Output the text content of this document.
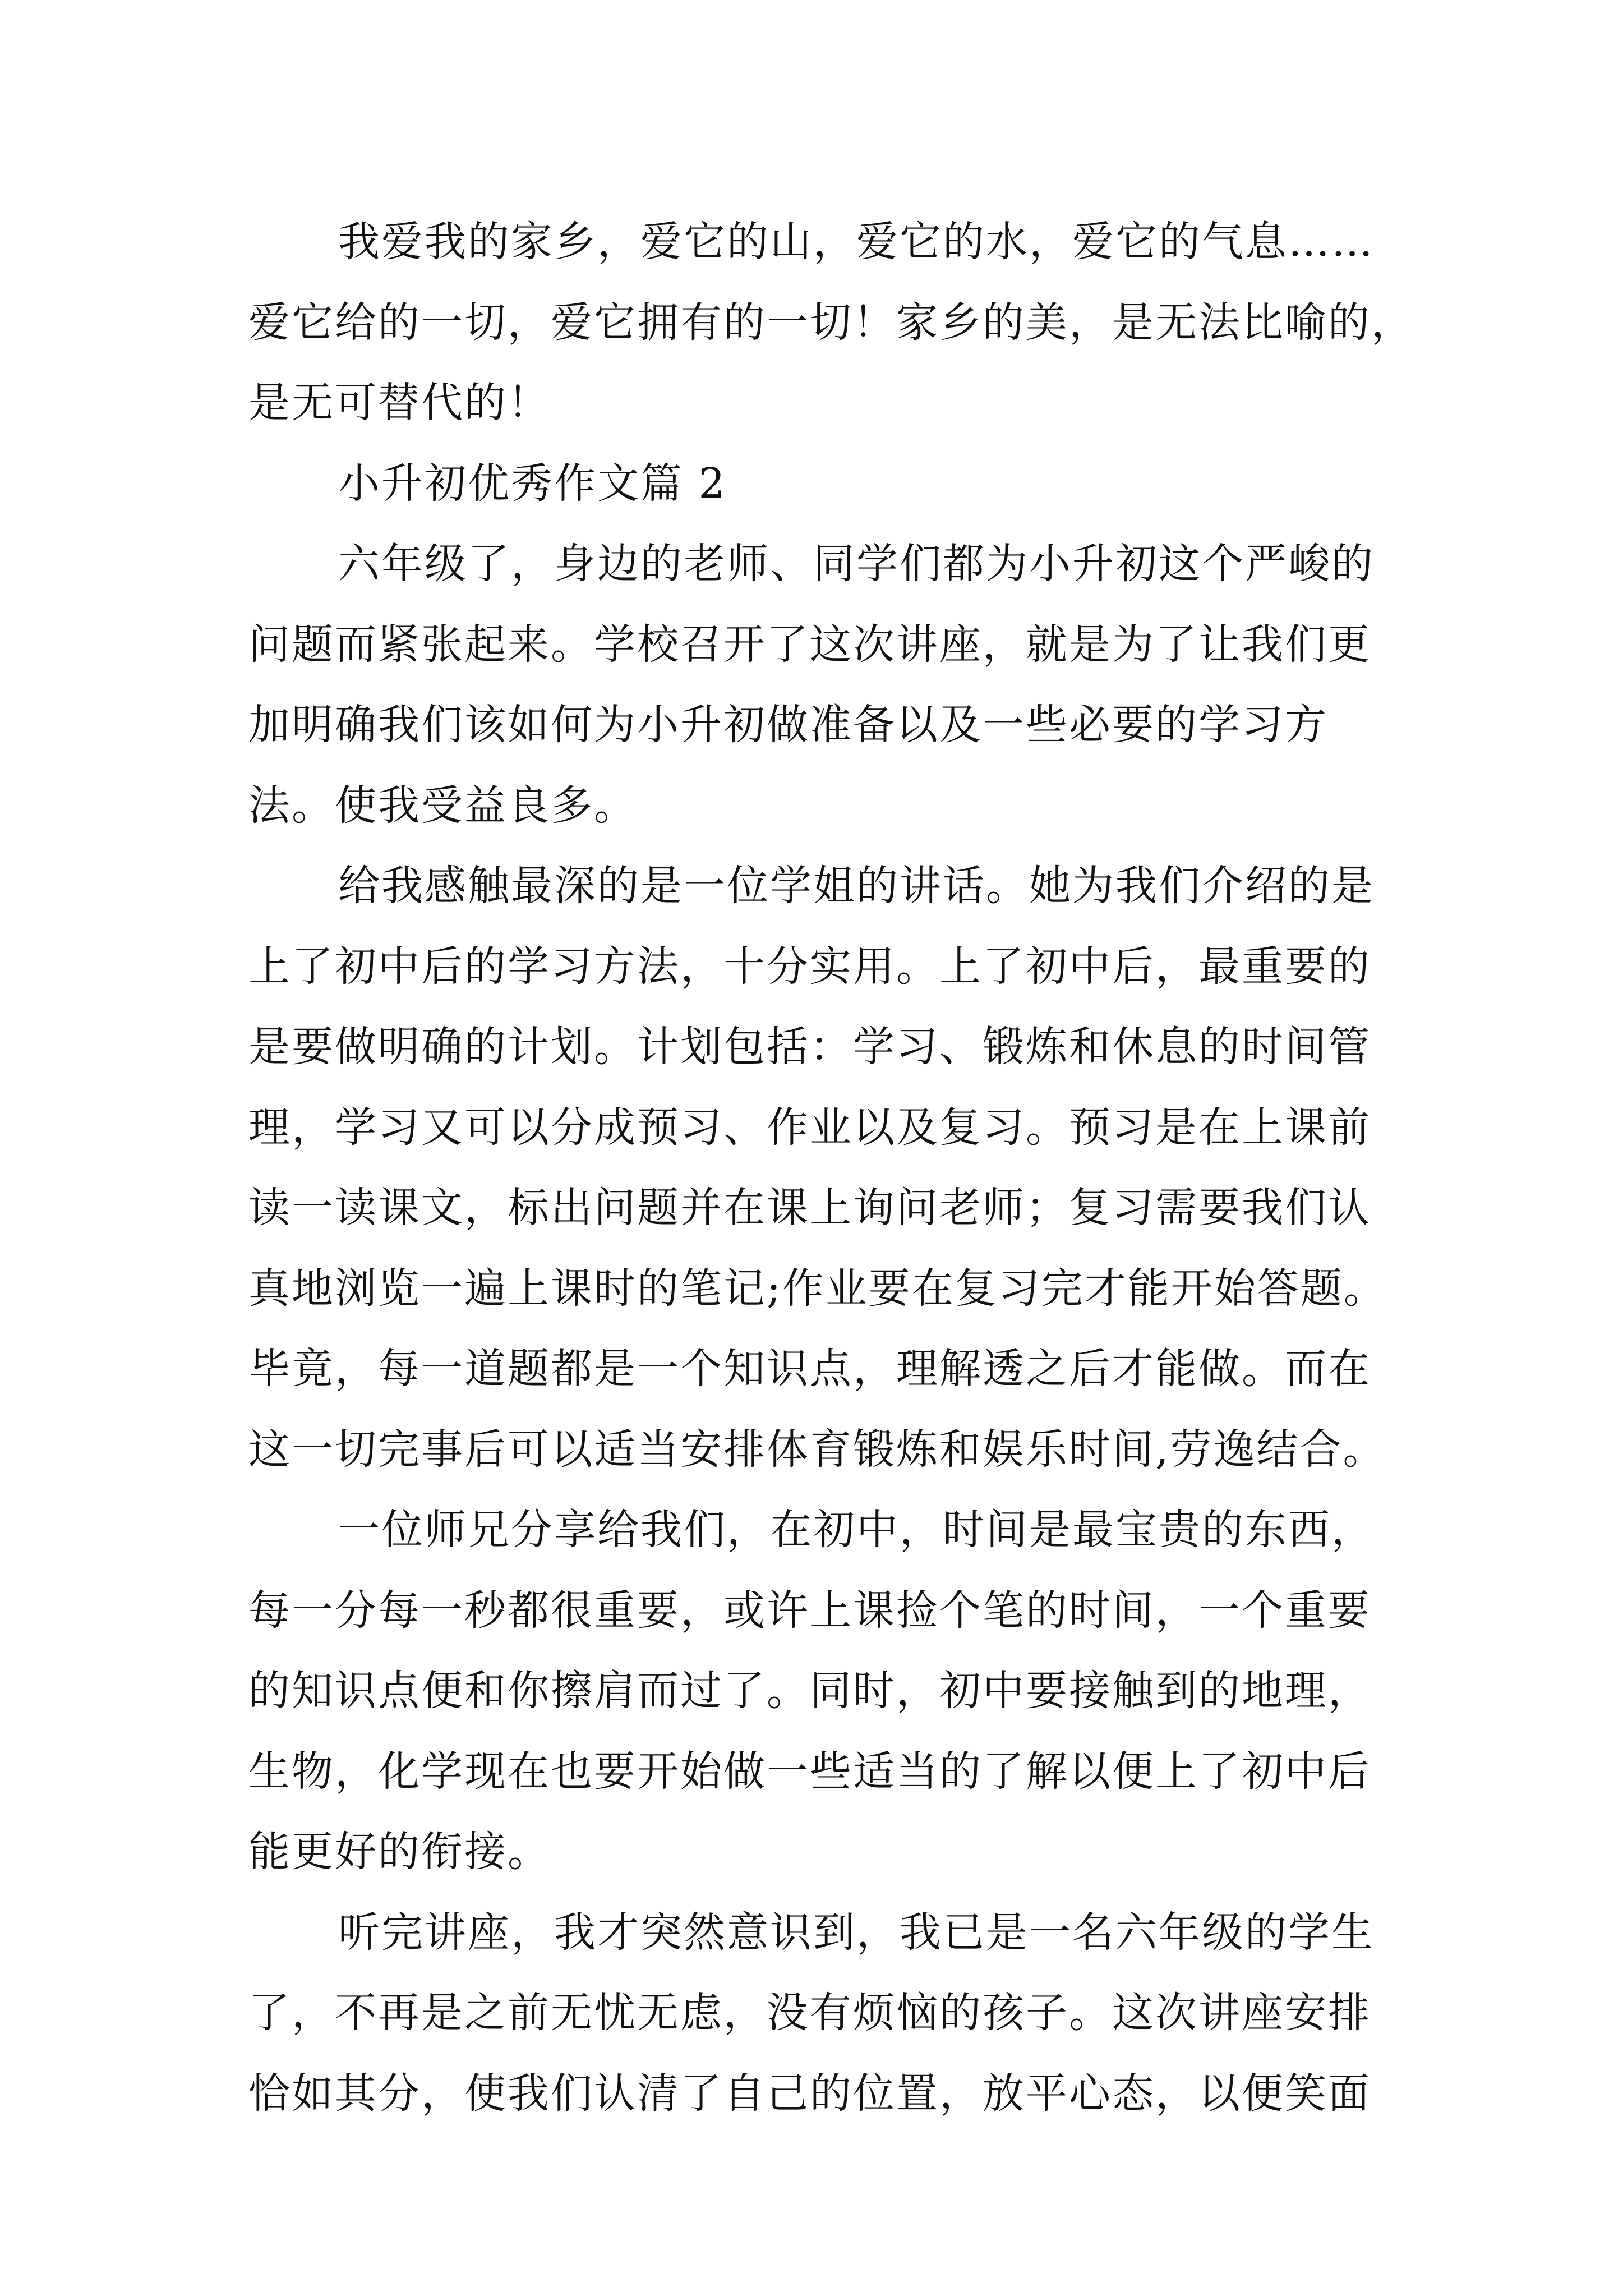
我爱我的家乡，爱它的山，爱它的水，爱它的气息……
爱它给的一切，爱它拥有的一切！家乡的美，是无法比喻的，
是无可替代的！
小升初优秀作文篇 2
六年级了，身边的老师、同学们都为小升初这个严峻的
问题而紧张起来。学校召开了这次讲座，就是为了让我们更
加明确我们该如何为小升初做准备以及一些必要的学习方
法。使我受益良多。
给我感触最深的是一位学姐的讲话。她为我们介绍的是
上了初中后的学习方法，十分实用。上了初中后，最重要的
是要做明确的计划。计划包括：学习、锻炼和休息的时间管
理，学习又可以分成预习、作业以及复习。预习是在上课前
读一读课文，标出问题并在课上询问老师；复习需要我们认
真地浏览一遍上课时的笔记;作业要在复习完才能开始答题。
毕竟，每一道题都是一个知识点，理解透之后才能做。而在
这一切完事后可以适当安排体育锻炼和娱乐时间,劳逸结合。
一位师兄分享给我们，在初中，时间是最宝贵的东西，
每一分每一秒都很重要，或许上课捡个笔的时间，一个重要
的知识点便和你擦肩而过了。同时，初中要接触到的地理，
生物，化学现在也要开始做一些适当的了解以便上了初中后
能更好的衔接。
听完讲座，我才突然意识到，我已是一名六年级的学生
了，不再是之前无忧无虑，没有烦恼的孩子。这次讲座安排
恰如其分，使我们认清了自己的位置，放平心态，以便笑面
